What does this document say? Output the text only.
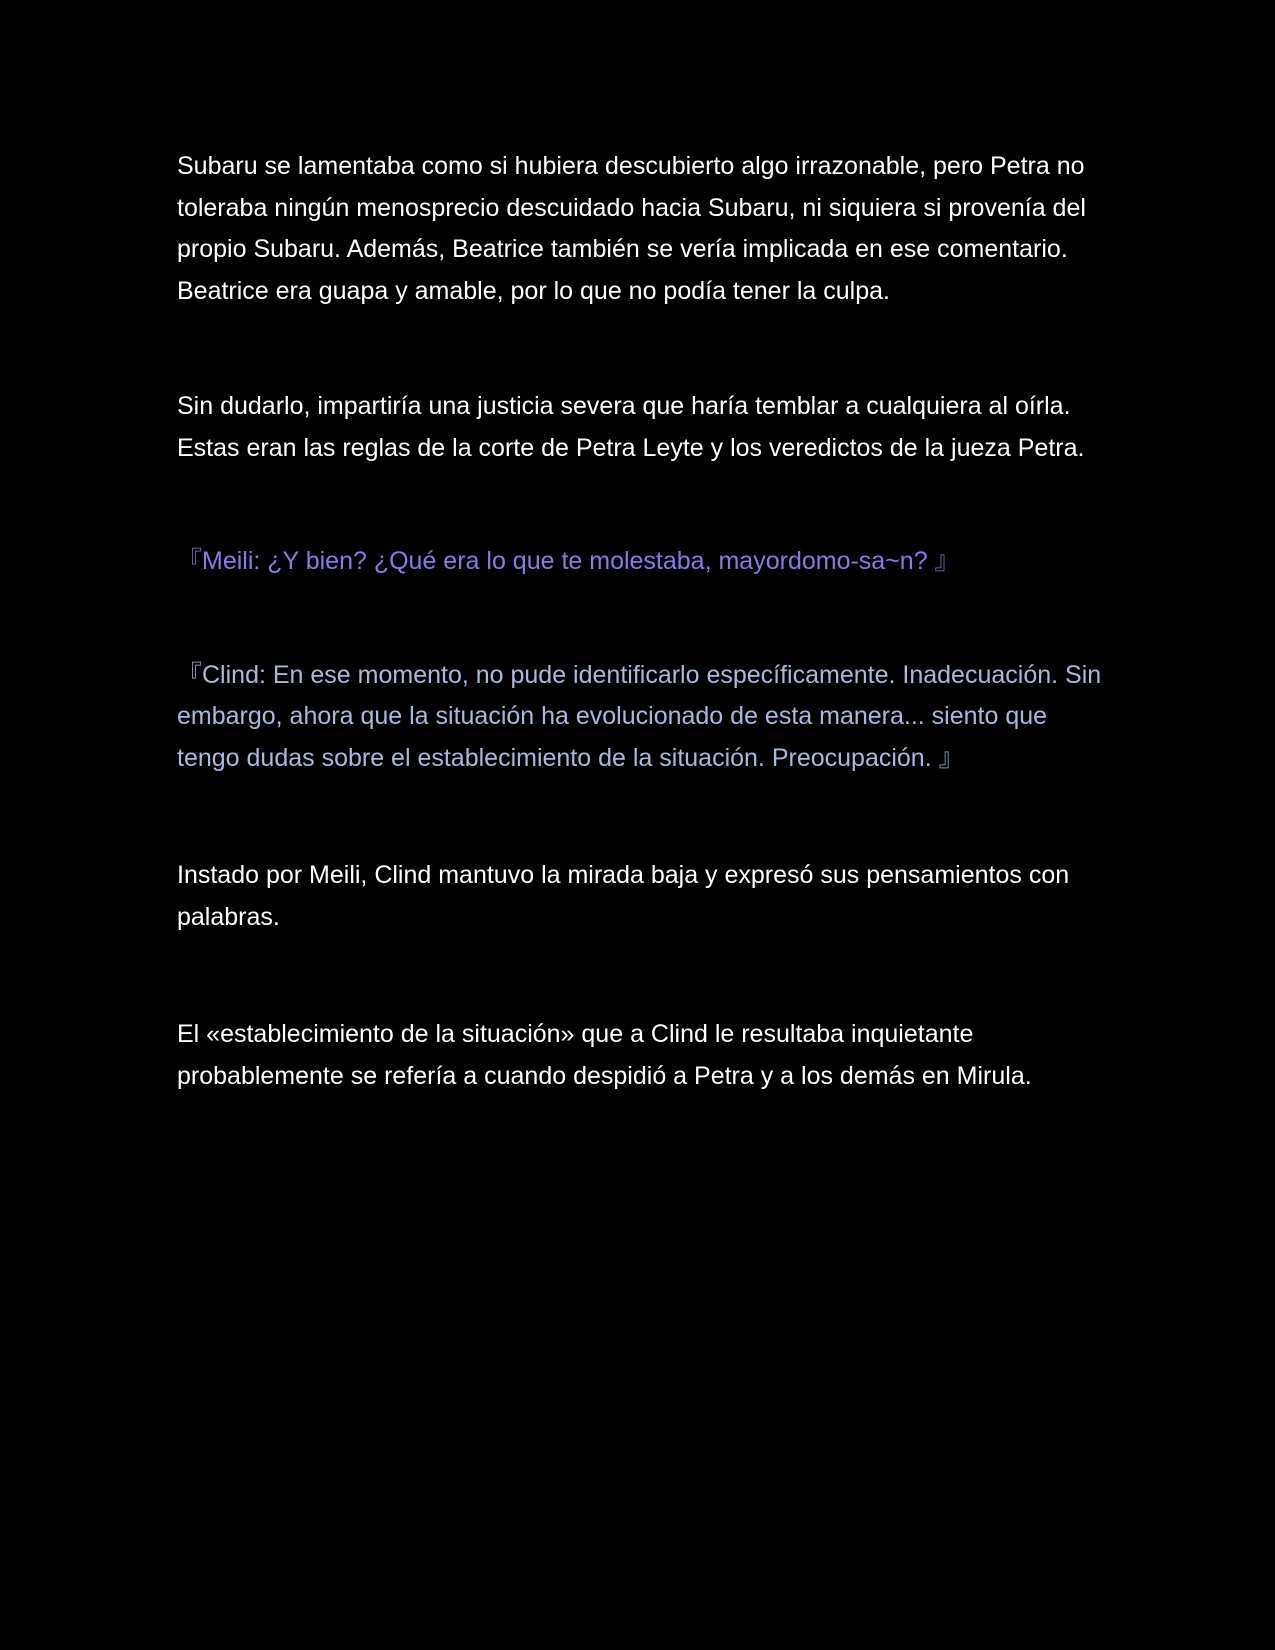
Subaru se lamentaba como si hubiera descubierto algo irrazonable, pero Petra no toleraba ningún menosprecio descuidado hacia Subaru, ni siquiera si provenía del propio Subaru. Además, Beatrice también se vería implicada en ese comentario. Beatrice era guapa y amable, por lo que no podía tener la culpa.

Sin dudarlo, impartiría una justicia severa que haría temblar a cualquiera al oírla. Estas eran las reglas de la corte de Petra Leyte y los veredictos de la jueza Petra.

『Meili: ¿Y bien? ¿Qué era lo que te molestaba, mayordomo-sa~n? 』

『Clind: En ese momento, no pude identificarlo específicamente. Inadecuación. Sin embargo, ahora que la situación ha evolucionado de esta manera... siento que tengo dudas sobre el establecimiento de la situación. Preocupación. 』

Instado por Meili, Clind mantuvo la mirada baja y expresó sus pensamientos con palabras.

El «establecimiento de la situación» que a Clind le resultaba inquietante probablemente se refería a cuando despidió a Petra y a los demás en Mirula.
